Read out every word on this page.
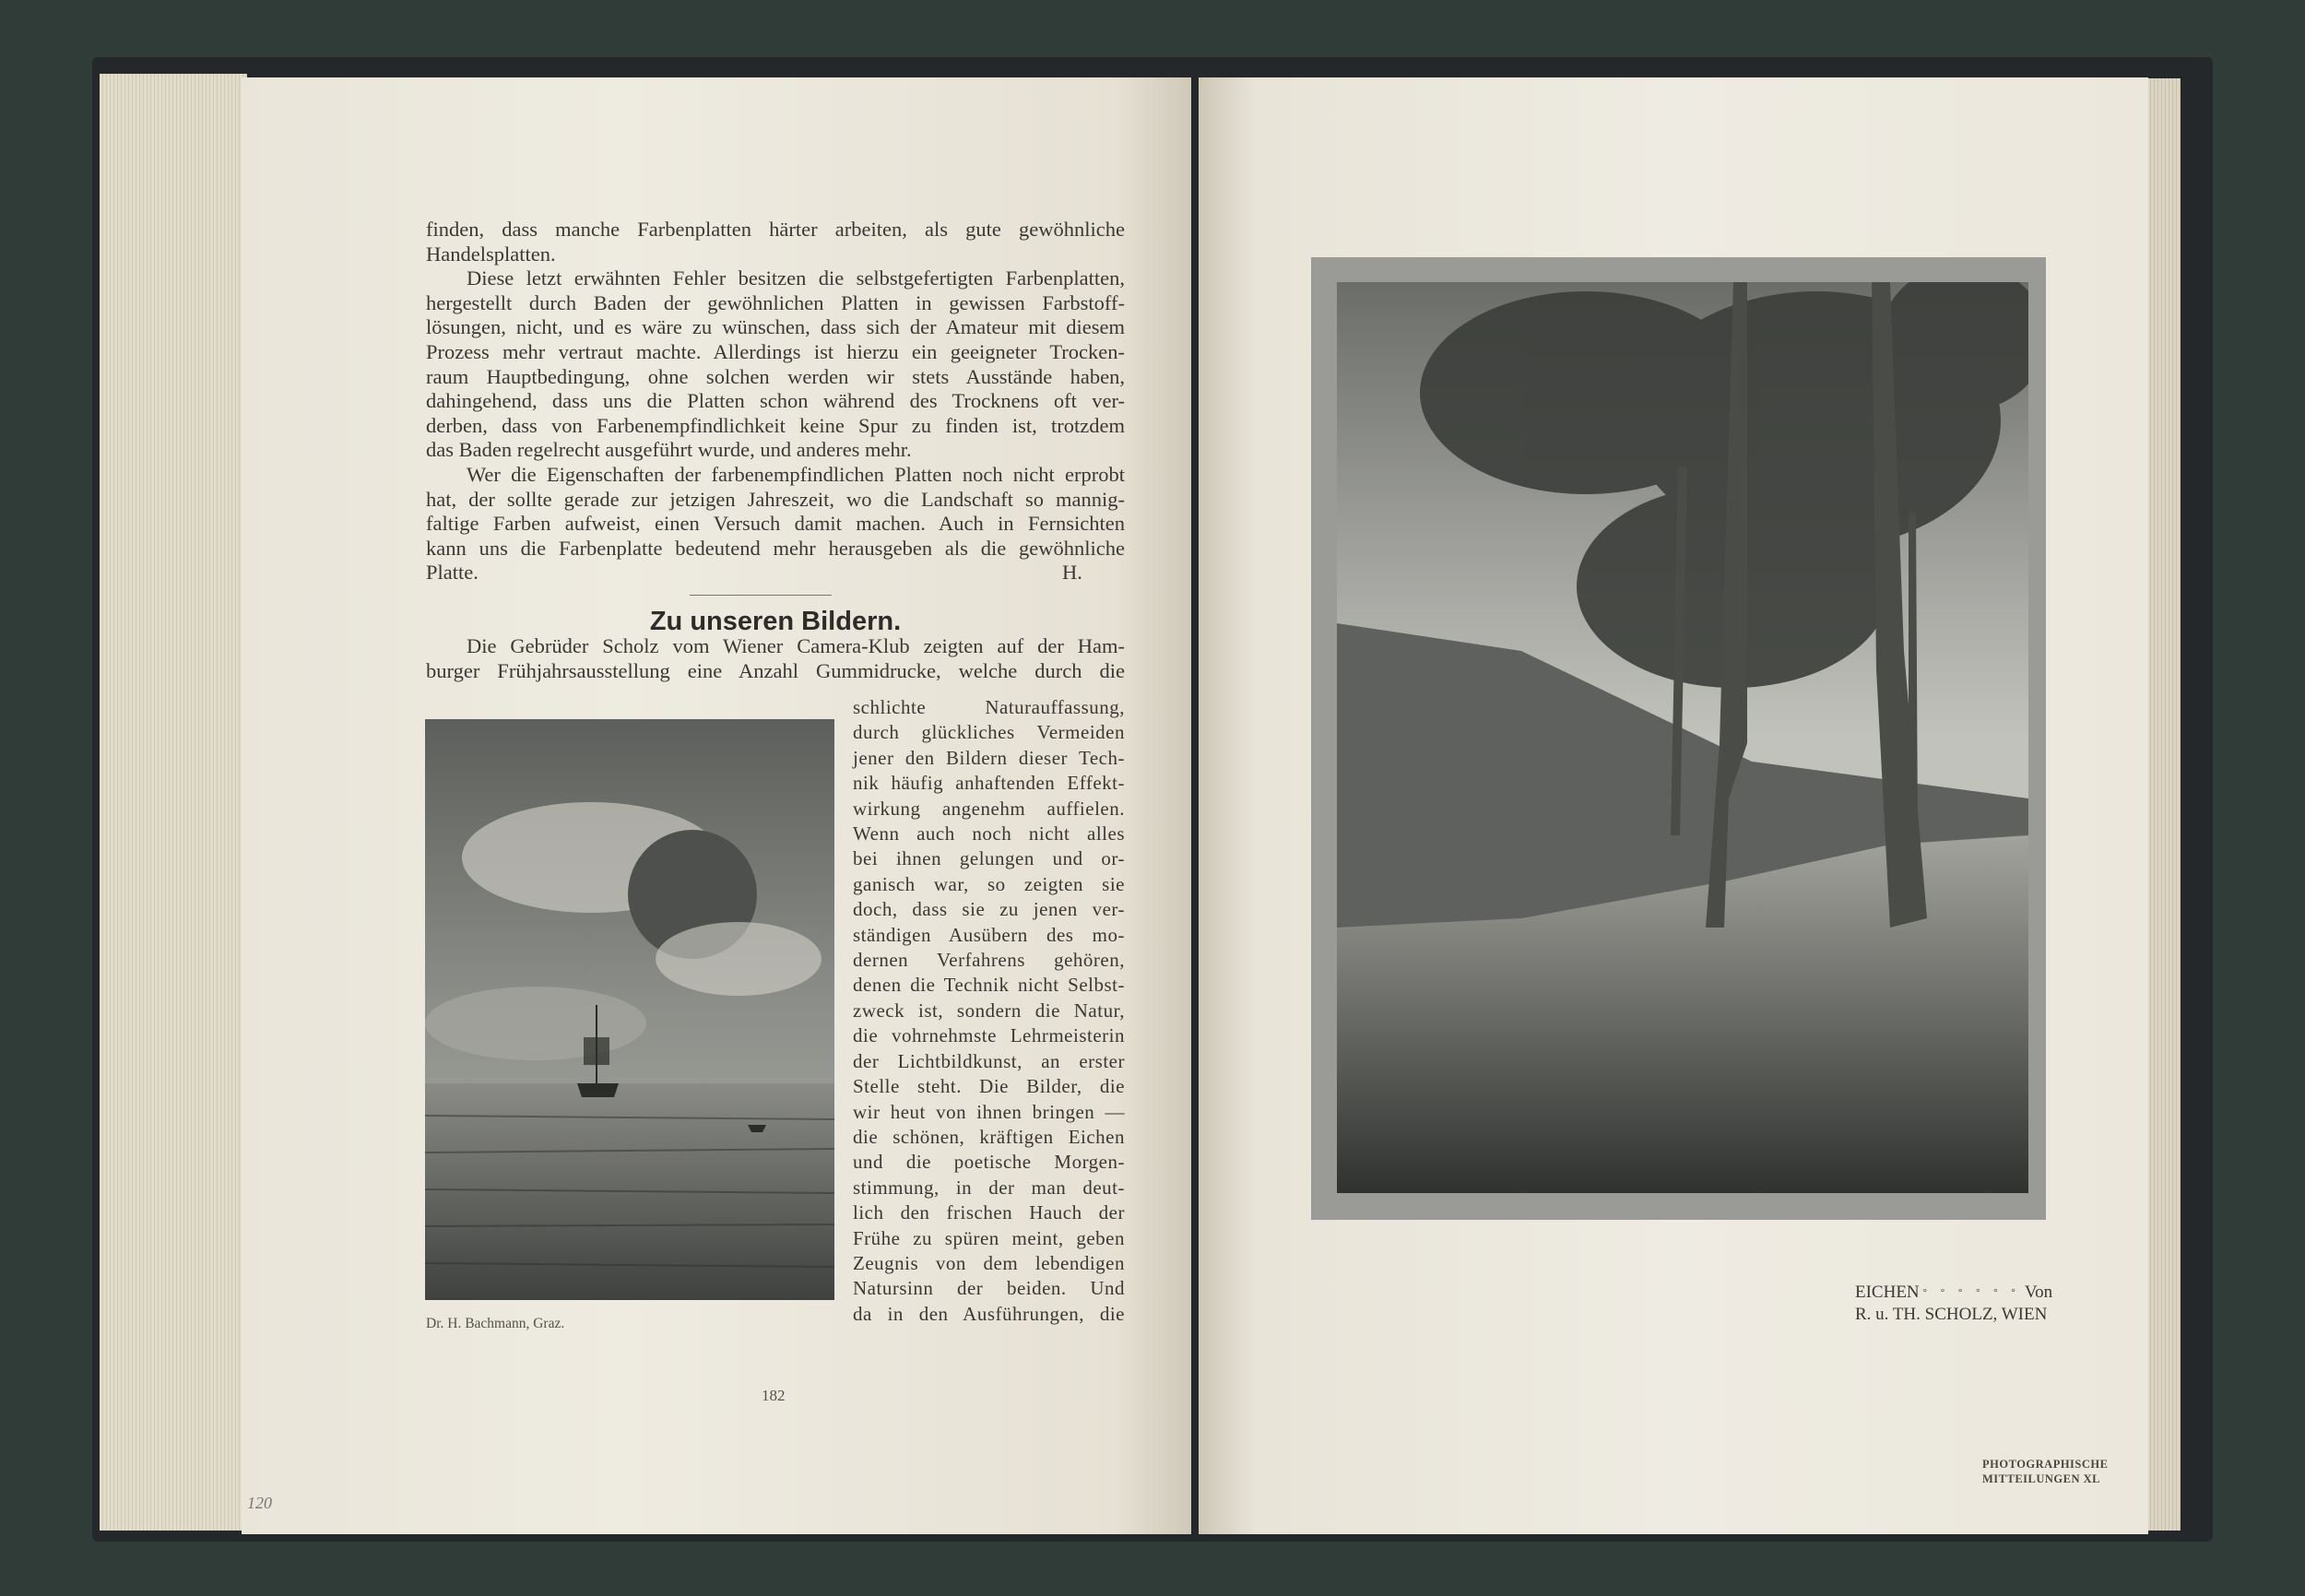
finden, dass manche Farbenplatten härter arbeiten, als gute gewöhnliche
Handelsplatten.
Diese letzt erwähnten Fehler besitzen die selbstgefertigten Farbenplatten,
hergestellt durch Baden der gewöhnlichen Platten in gewissen Farbstoff-
lösungen, nicht, und es wäre zu wünschen, dass sich der Amateur mit diesem
Prozess mehr vertraut machte. Allerdings ist hierzu ein geeigneter Trocken-
raum Hauptbedingung, ohne solchen werden wir stets Ausstände haben,
dahingehend, dass uns die Platten schon während des Trocknens oft ver-
derben, dass von Farbenempfindlichkeit keine Spur zu finden ist, trotzdem
das Baden regelrecht ausgeführt wurde, und anderes mehr.
Wer die Eigenschaften der farbenempfindlichen Platten noch nicht erprobt
hat, der sollte gerade zur jetzigen Jahreszeit, wo die Landschaft so mannig-
faltige Farben aufweist, einen Versuch damit machen. Auch in Fernsichten
kann uns die Farbenplatte bedeutend mehr herausgeben als die gewöhnliche
Platte.	H.
Zu unseren Bildern.
Die Gebrüder Scholz vom Wiener Camera-Klub zeigten auf der Ham-
burger Frühjahrsausstellung eine Anzahl Gummidrucke, welche durch die
schlichte Naturauffassung,
durch glückliches Vermeiden
jener den Bildern dieser Tech-
nik häufig anhaftenden Effekt-
wirkung angenehm auffielen.
Wenn auch noch nicht alles
bei ihnen gelungen und or-
ganisch war, so zeigten sie
doch, dass sie zu jenen ver-
ständigen Ausübern des mo-
dernen Verfahrens gehören,
denen die Technik nicht Selbst-
zweck ist, sondern die Natur,
die vohrnehmste Lehrmeisterin
der Lichtbildkunst, an erster
Stelle steht. Die Bilder, die
wir heut von ihnen bringen —
die schönen, kräftigen Eichen
und die poetische Morgen-
stimmung, in der man deut-
lich den frischen Hauch der
Frühe zu spüren meint, geben
Zeugnis von dem lebendigen
Natursinn der beiden. Und
da in den Ausführungen, die
Dr. H. Bachmann, Graz.
182
120
EICHEN ° ° ° ° ° ° Von
R. u. TH. SCHOLZ, WIEN
PHOTOGRAPHISCHE
MITTEILUNGEN XL
